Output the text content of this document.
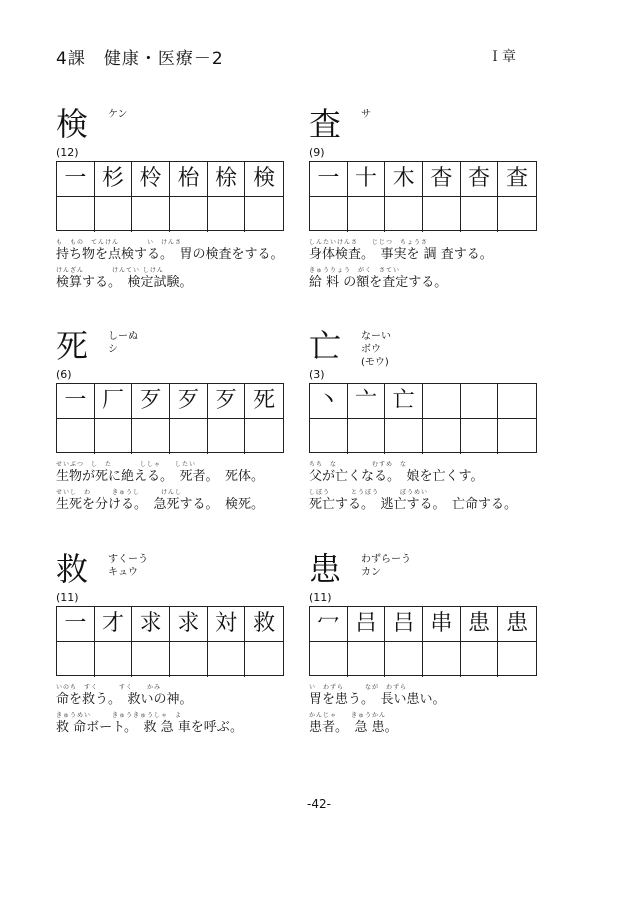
4課　健康・医療－2	Ｉ章
検 ケン
(12)
一 杉 柃 枱 梌 検
も　もの　てんけん　　　　い　けんさ
持ち物を点検する。　胃の検査をする。
けんざん　　　　けんてい しけん
検算する。　検定試験。
査 サ
(9)
一 十 木 杳 杳 査
しんたいけんさ　　じじつ　ちょうさ
身体検査。　事実を 調 査する。
きゅうりょう　がく　さてい
給 料 の額を査定する。
死 しーぬ
シ
(6)
一 厂 歹 歹 歹 死
せいぶつ　し　た　　　　ししゃ　　したい
生物が死に絶える。　死者。　死体。
せいし　わ　　　きゅうし　　　けんし
生死を分ける。　急死する。　検死。
亡 なーい
ボウ
(モウ)
(3)
丶 亠 亡
ちち　な　　　　　むすめ　な
父が亡くなる。　娘を亡くす。
しぼう　　　とうぼう　　　ぼうめい
死亡する。　逃亡する。　亡命する。
救 すくーう
キュウ
(11)
一 才 求 求 対 救
いのち　すく　　　すく　　かみ
命を救う。　救いの神。
きゅうめい　　　きゅうきゅうしゃ　よ
救 命ボート。　救 急 車を呼ぶ。
患 わずらーう
カン
(11)
冖 吕 吕 串 患 患
い　わずら　　　なが　わずら
胃を患う。　長い患い。
かんじゃ　　きゅうかん
患者。　急 患。
-42-
